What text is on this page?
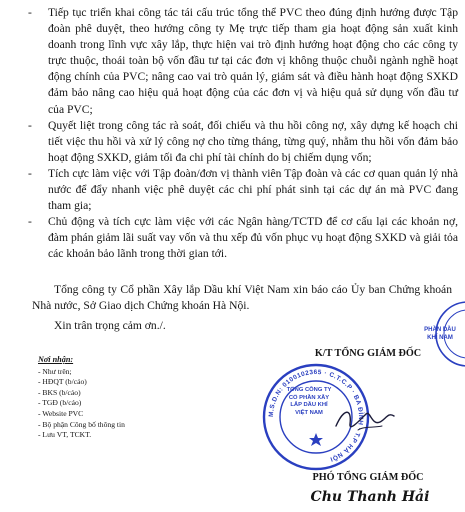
- Tiếp tục triển khai công tác tái cấu trúc tổng thể PVC theo đúng định hướng được Tập đoàn phê duyệt, theo hướng công ty Mẹ trực tiếp tham gia hoạt động sản xuất kinh doanh trong lĩnh vực xây lắp, thực hiện vai trò định hướng hoạt động cho các công ty trực thuộc, thoái toàn bộ vốn đầu tư tại các đơn vị không thuộc chuỗi ngành nghề hoạt động chính của PVC; nâng cao vai trò quản lý, giám sát và điều hành hoạt động SXKD đảm bảo nâng cao hiệu quả hoạt động của các đơn vị và hiệu quả sử dụng vốn đầu tư của PVC;

- Quyết liệt trong công tác rà soát, đối chiếu và thu hồi công nợ, xây dựng kế hoạch chi tiết việc thu hồi và xử lý công nợ cho từng tháng, từng quý, nhằm thu hồi vốn đảm bảo hoạt động SXKD, giảm tối đa chi phí tài chính do bị chiếm dụng vốn;

- Tích cực làm việc với Tập đoàn/đơn vị thành viên Tập đoàn và các cơ quan quản lý nhà nước để đẩy nhanh việc phê duyệt các chi phí phát sinh tại các dự án mà PVC đang tham gia;

- Chủ động và tích cực làm việc với các Ngân hàng/TCTD để cơ cấu lại các khoản nợ, đàm phán giảm lãi suất vay vốn và thu xếp đủ vốn phục vụ hoạt động SXKD và giải tỏa các khoản bảo lãnh trong thời gian tới.

Tổng công ty Cổ phần Xây lắp Dầu khí Việt Nam xin báo cáo Ủy ban Chứng khoán Nhà nước, Sở Giao dịch Chứng khoán Hà Nội.

Xin trân trọng cảm ơn./.

Nơi nhận:
- Như trên;
- HĐQT (b/cáo)
- BKS (b/cáo)
- TGĐ (b/cáo)
- Website PVC
- Bộ phận Công bố thông tin
- Lưu VT, TCKT.
PHẦN DẦU KHÍ NAM
K/T TỔNG GIÁM ĐỐC
M.S.D.N: 0100102365 · C.T.C.P · BA ĐÌNH · T.P HÀ NỘI
TỔNG CÔNG TY CỔ PHẦN XÂY LẮP DẦU KHÍ VIỆT NAM
PHÓ TỔNG GIÁM ĐỐC
Chu Thanh Hải
